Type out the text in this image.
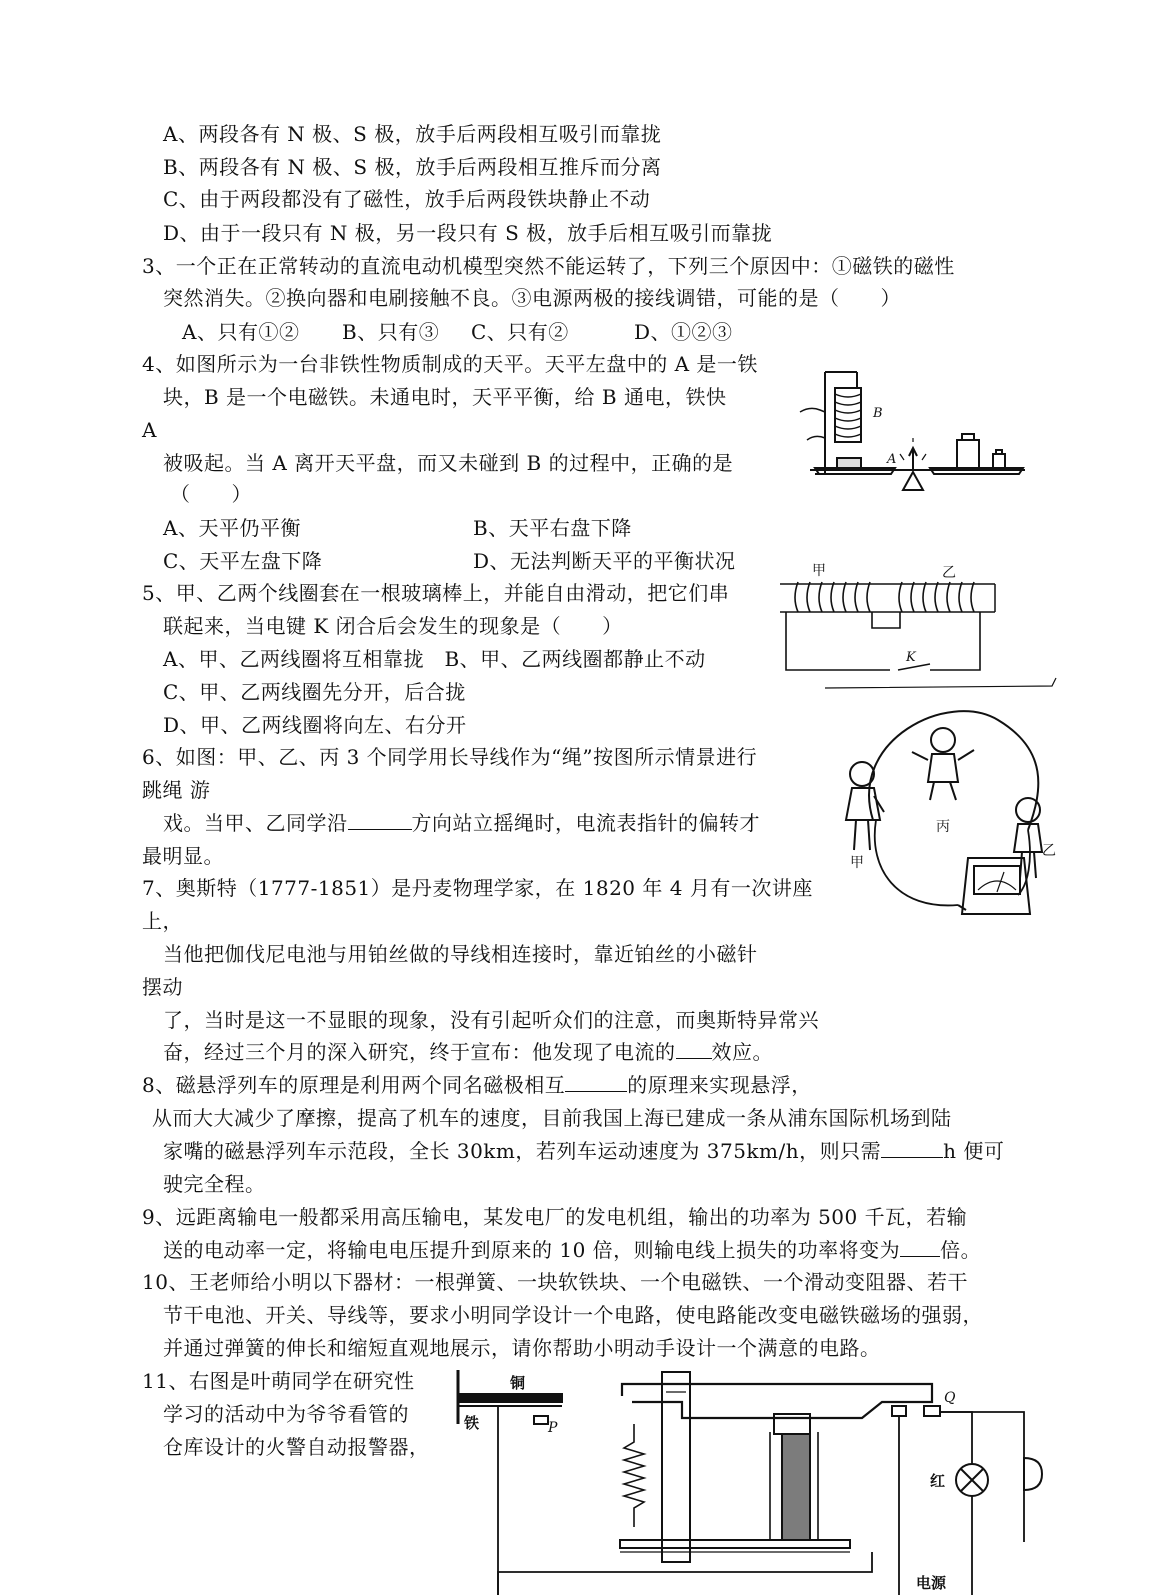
A、两段各有 N 极、S 极，放手后两段相互吸引而靠拢
B、两段各有 N 极、S 极，放手后两段相互推斥而分离
C、由于两段都没有了磁性，放手后两段铁块静止不动
D、由于一段只有 N 极，另一段只有 S 极，放手后相互吸引而靠拢
3、一个正在正常转动的直流电动机模型突然不能运转了，下列三个原因中：①磁铁的磁性
突然消失。②换向器和电刷接触不良。③电源两极的接线调错，可能的是（　　）
A、只有①② B、只有③ C、只有②	D、①②③
4、如图所示为一台非铁性物质制成的天平。天平左盘中的 A 是一铁
块，B 是一个电磁铁。未通电时，天平平衡，给 B 通电，铁快
A
被吸起。当 A 离开天平盘，而又未碰到 B 的过程中，正确的是
（　　）
A、天平仍平衡	B、天平右盘下降
C、天平左盘下降	D、无法判断天平的平衡状况
B
A
5、甲、乙两个线圈套在一根玻璃棒上，并能自由滑动，把它们串
联起来，当电键 K 闭合后会发生的现象是（　　）
A、甲、乙两线圈将互相靠拢　B、甲、乙两线圈都静止不动
C、甲、乙两线圈先分开，后合拢
D、甲、乙两线圈将向左、右分开
甲	乙
K
6、如图：甲、乙、丙 3 个同学用长导线作为“绳”按图所示情景进行
跳绳 游
戏。当甲、乙同学沿	方向站立摇绳时，电流表指针的偏转才
最明显。	甲
丙
乙
7、奥斯特（1777-1851）是丹麦物理学家，在 1820 年 4 月有一次讲座
上，
当他把伽伐尼电池与用铂丝做的导线相连接时，靠近铂丝的小磁针
摆动
了，当时是这一不显眼的现象，没有引起听众们的注意，而奥斯特异常兴
奋，经过三个月的深入研究，终于宣布：他发现了电流的 效应。
8、磁悬浮列车的原理是利用两个同名磁极相互	的原理来实现悬浮，
从而大大减少了摩擦，提高了机车的速度，目前我国上海已建成一条从浦东国际机场到陆
家嘴的磁悬浮列车示范段，全长 30km，若列车运动速度为 375km/h，则只需	h 便可
驶完全程。
9、远距离输电一般都采用高压输电，某发电厂的发电机组，输出的功率为 500 千瓦，若输
送的电动率一定，将输电电压提升到原来的 10 倍，则输电线上损失的功率将变为 倍。
10、王老师给小明以下器材：一根弹簧、一块软铁块、一个电磁铁、一个滑动变阻器、若干
节干电池、开关、导线等，要求小明同学设计一个电路，使电路能改变电磁铁磁场的强弱，
并通过弹簧的伸长和缩短直观地展示，请你帮助小明动手设计一个满意的电路。
11、右图是叶萌同学在研究性
学习的活动中为爷爷看管的
仓库设计的火警自动报警器，
铜
铁	P
Q
红
电源
